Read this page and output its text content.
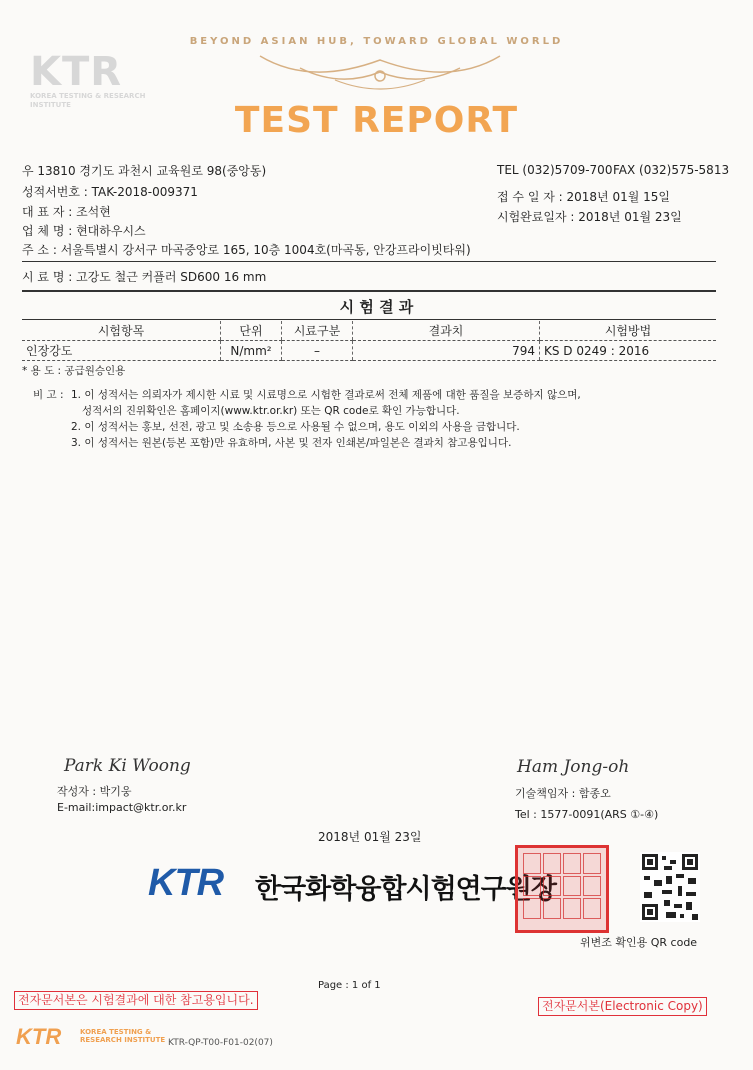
BEYOND ASIAN HUB, TOWARD GLOBAL WORLD
KTR
KOREA TESTING & RESEARCH INSTITUTE	TEST REPORT
우 13810 경기도 과천시 교육원로 98(중앙동)	TEL (032)5709-700 FAX (032)575-5813
성적서번호 : TAK-2018-009371
대 표 자 : 조석현
업 체 명 : 현대하우시스
주 소 : 서울특별시 강서구 마곡중앙로 165, 10층 1004호(마곡동, 안강프라이빗타워)
접 수 일 자 : 2018년 01월 15일
시험완료일자 : 2018년 01월 23일
시 료 명 : 고강도 철근 커플러 SD600 16 mm
시 험 결 과
시험항목	단위	시료구분	결과치	시험방법
인장강도	N/mm²	–	794	KS D 0249 : 2016
* 용 도 : 공급원승인용
비 고 : 1. 이 성적서는 의뢰자가 제시한 시료 및 시료명으로 시험한 결과로써 전체 제품에 대한 품질을 보증하지 않으며,
성적서의 진위확인은 홈페이지(www.ktr.or.kr) 또는 QR code로 확인 가능합니다.
2. 이 성적서는 홍보, 선전, 광고 및 소송용 등으로 사용될 수 없으며, 용도 이외의 사용을 금합니다.
3. 이 성적서는 원본(등본 포함)만 유효하며, 사본 및 전자 인쇄본/파일본은 결과치 참고용입니다.
Park Ki Woong
작성자 : 박기웅
E-mail:impact@ktr.or.kr
Ham Jong-oh
기술책임자 : 함종오
Tel : 1577-0091(ARS ①-④)
2018년 01월 23일
KTR 한국화학융합시험연구원장
위변조 확인용 QR code
Page : 1 of 1
전자문서본은 시험결과에 대한 참고용입니다.	전자문서본(Electronic Copy)
KTR	KOREA TESTING &
RESEARCH INSTITUTE KTR-QP-T00-F01-02(07)
